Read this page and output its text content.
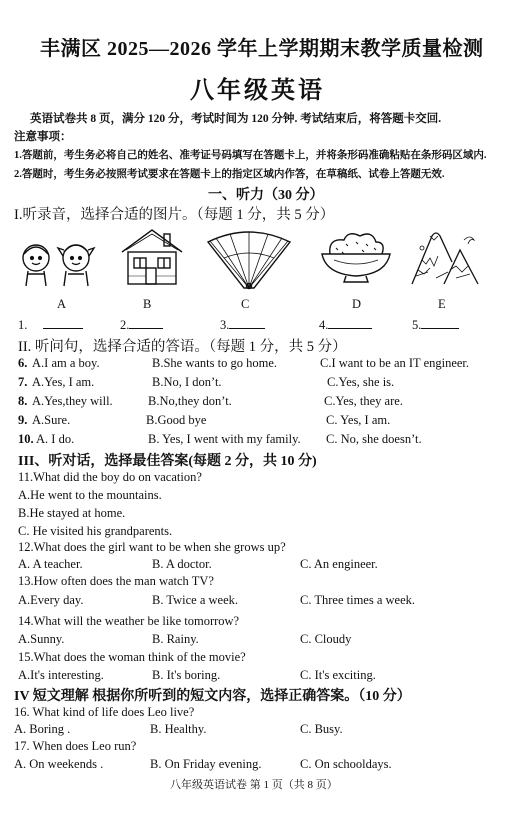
丰满区 2025—2026 学年上学期期末教学质量检测
八年级英语
英语试卷共 8 页，满分 120 分，考试时间为 120 分钟. 考试结束后，将答题卡交回.
注意事项：
1.答题前，考生务必将自己的姓名、准考证号码填写在答题卡上，并将条形码准确粘贴在条形码区域内.
2.答题时，考生务必按照考试要求在答题卡上的指定区域内作答，在草稿纸、试卷上答题无效.
一、听力（30 分）
I.听录音，选择合适的图片。（每题 1 分，共 5 分）
A	B	C	D	E
1.	2.	3.	4.	5.
II. 听问句，选择合适的答语。（每题 1 分，共 5 分）
6. A.I am a boy.	B.She wants to go home.	C.I want to be an IT engineer.
7. A.Yes, I am.	B.No, I don’t.	C.Yes, she is.
8. A.Yes,they will.	B.No,they don’t.	C.Yes, they are.
9. A.Sure.	B.Good bye	C. Yes, I am.
10. A. I do.	B. Yes, I went with my family. C. No, she doesn’t.
III、听对话，选择最佳答案(每题 2 分，共 10 分)
11.What did the boy do on vacation?
A.He went to the mountains.
B.He stayed at home.
C. He visited his grandparents.
12.What does the girl want to be when she grows up?
A. A teacher.	B. A doctor.	C. An engineer.
13.How often does the man watch TV?
A.Every day.	B. Twice a week.	C. Three times a week.
14.What will the weather be like tomorrow?
A.Sunny.	B. Rainy.	C. Cloudy
15.What does the woman think of the movie?
A.It's interesting.	B. It's boring.	C. It's exciting.
IV 短文理解 根据你所听到的短文内容，选择正确答案。（10 分）
16. What kind of life does Leo live?
A. Boring .	B. Healthy.	C. Busy.
17. When does Leo run?
A. On weekends .	B. On Friday evening.	C. On schooldays.
八年级英语试卷 第 1 页（共 8 页）
